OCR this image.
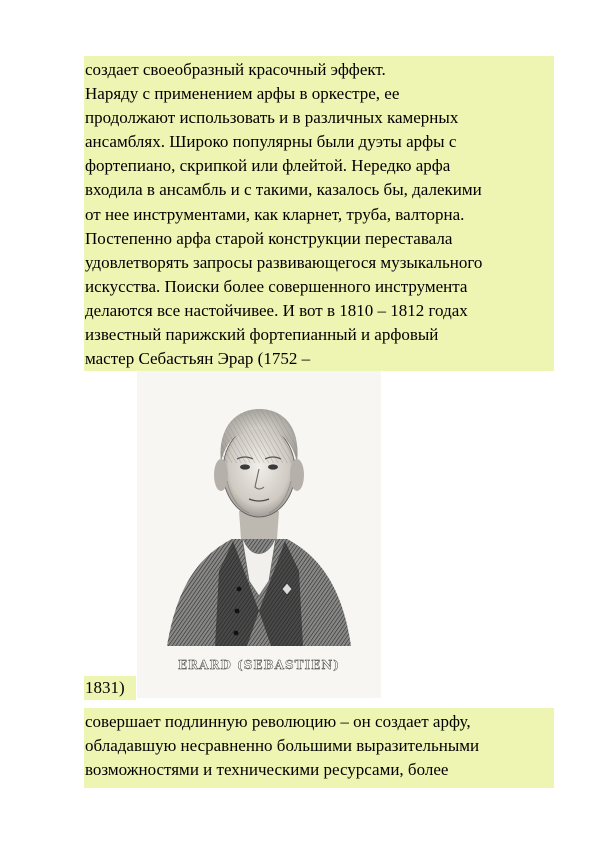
создает своеобразный красочный эффект.

Наряду с применением арфы в оркестре, ее

продолжают использовать и в различных камерных

ансамблях. Широко популярны были дуэты арфы с

фортепиано, скрипкой или флейтой. Нередко арфа

входила в ансамбль и с такими, казалось бы, далекими

от нее инструментами, как кларнет, труба, валторна.

Постепенно арфа старой конструкции переставала

удовлетворять запросы развивающегося музыкального

искусства. Поиски более совершенного инструмента

делаются все настойчивее. И вот в 1810 – 1812 годах

известный парижский фортепианный и арфовый

мастер Себастьян Эрар (1752 –

ERARD (SEBASTIEN)
1831)

совершает подлинную революцию – он создает арфу,

обладавшую несравненно большими выразительными

возможностями и техническими ресурсами, более
